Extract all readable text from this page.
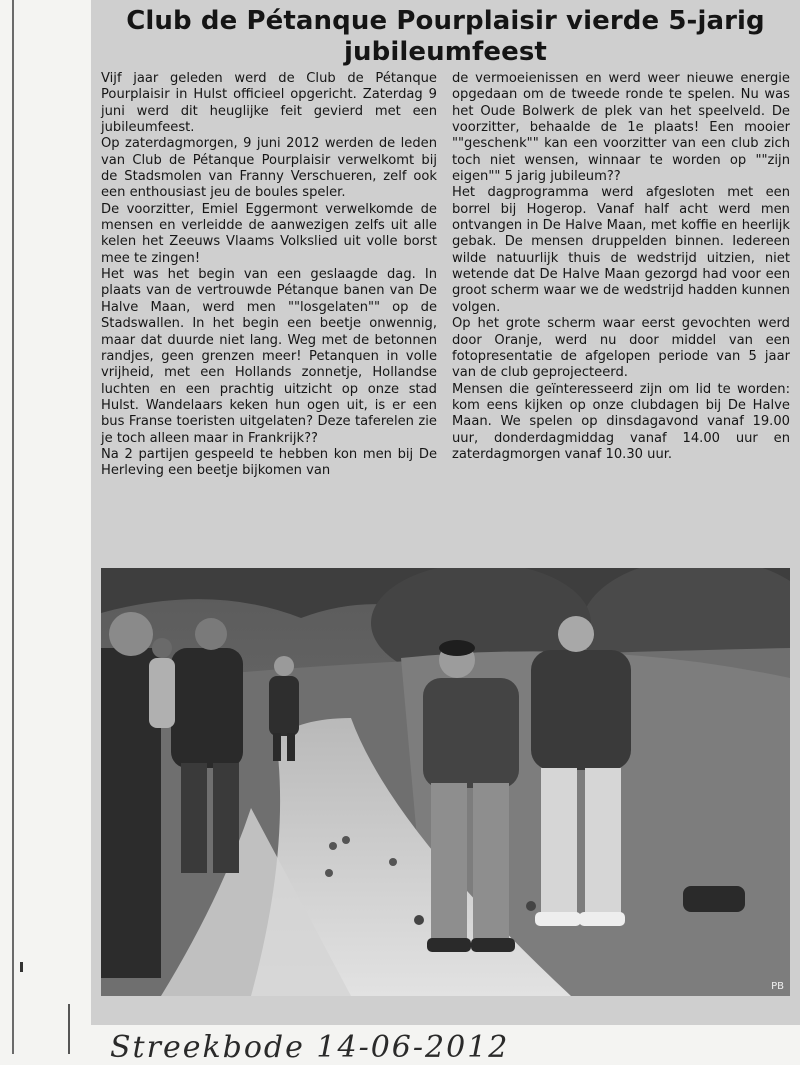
Club de Pétanque Pourplaisir vierde 5-jarig jubileumfeest

Vijf jaar geleden werd de Club de Pétanque Pourplaisir in Hulst officieel opgericht. Zaterdag 9 juni werd dit heuglijke feit gevierd met een jubileumfeest.

Op zaterdagmorgen, 9 juni 2012 werden de leden van Club de Pétanque Pourplaisir verwelkomt bij de Stadsmolen van Franny Verschueren, zelf ook een enthousiast jeu de boules speler.

De voorzitter, Emiel Eggermont verwelkomde de mensen en verleidde de aanwezigen zelfs uit alle kelen het Zeeuws Vlaams Volkslied uit volle borst mee te zingen!

Het was het begin van een geslaagde dag. In plaats van de vertrouwde Pétanque banen van De Halve Maan, werd men ""losgelaten"" op de Stadswallen. In het begin een beetje onwennig, maar dat duurde niet lang. Weg met de betonnen randjes, geen grenzen meer! Petanquen in volle vrijheid, met een Hollands zonnetje, Hollandse luchten en een prachtig uitzicht op onze stad Hulst. Wandelaars keken hun ogen uit, is er een bus Franse toeristen uitgelaten? Deze taferelen zie je toch alleen maar in Frankrijk??

Na 2 partijen gespeeld te hebben kon men bij De Herleving een beetje bijkomen van

de vermoeienissen en werd weer nieuwe energie opgedaan om de tweede ronde te spelen. Nu was het Oude Bolwerk de plek van het speelveld. De voorzitter, behaalde de 1e plaats! Een mooier ""geschenk"" kan een voorzitter van een club zich toch niet wensen, winnaar te worden op ""zijn eigen"" 5 jarig jubileum??

Het dagprogramma werd afgesloten met een borrel bij Hogerop. Vanaf half acht werd men ontvangen in De Halve Maan, met koffie en heerlijk gebak. De mensen druppelden binnen. Iedereen wilde natuurlijk thuis de wedstrijd uitzien, niet wetende dat De Halve Maan gezorgd had voor een groot scherm waar we de wedstrijd hadden kunnen volgen.

Op het grote scherm waar eerst gevochten werd door Oranje, werd nu door middel van een fotopresentatie de afgelopen periode van 5 jaar van de club geprojecteerd.

Mensen die geïnteresseerd zijn om lid te worden: kom eens kijken op onze clubdagen bij De Halve Maan. We spelen op dinsdagavond vanaf 19.00 uur, donderdagmiddag vanaf 14.00 uur en zaterdagmorgen vanaf 10.30 uur.

PB
Streekbode 14-06-2012
